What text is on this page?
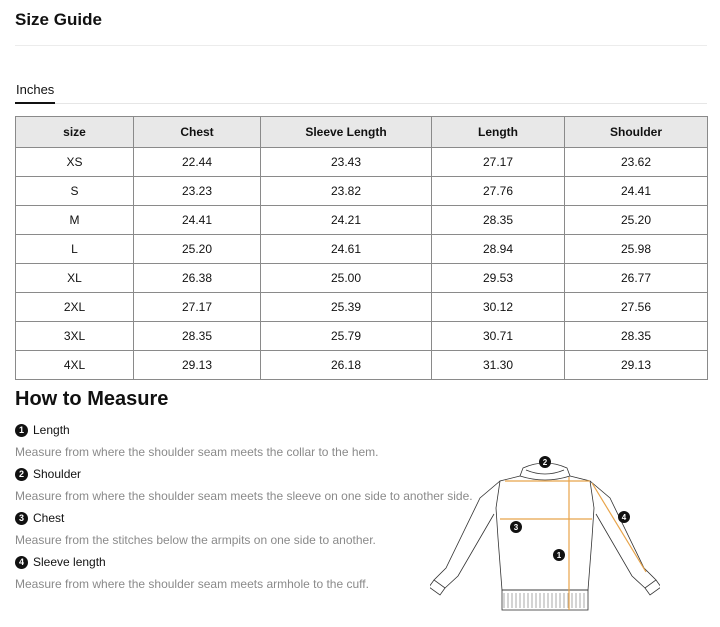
Size Guide
Inches
size	Chest	Sleeve Length	Length	Shoulder
XS	22.44	23.43	27.17	23.62
S	23.23	23.82	27.76	24.41
M	24.41	24.21	28.35	25.20
L	25.20	24.61	28.94	25.98
XL	26.38	25.00	29.53	26.77
2XL	27.17	25.39	30.12	27.56
3XL	28.35	25.79	30.71	28.35
4XL	29.13	26.18	31.30	29.13
How to Measure
1 Length
Measure from where the shoulder seam meets the collar to the hem.
2 Shoulder
Measure from where the shoulder seam meets the sleeve on one side to another side.
3 Chest
Measure from the stitches below the armpits on one side to another.
4 Sleeve length
Measure from where the shoulder seam meets armhole to the cuff.
2
3
4
1
